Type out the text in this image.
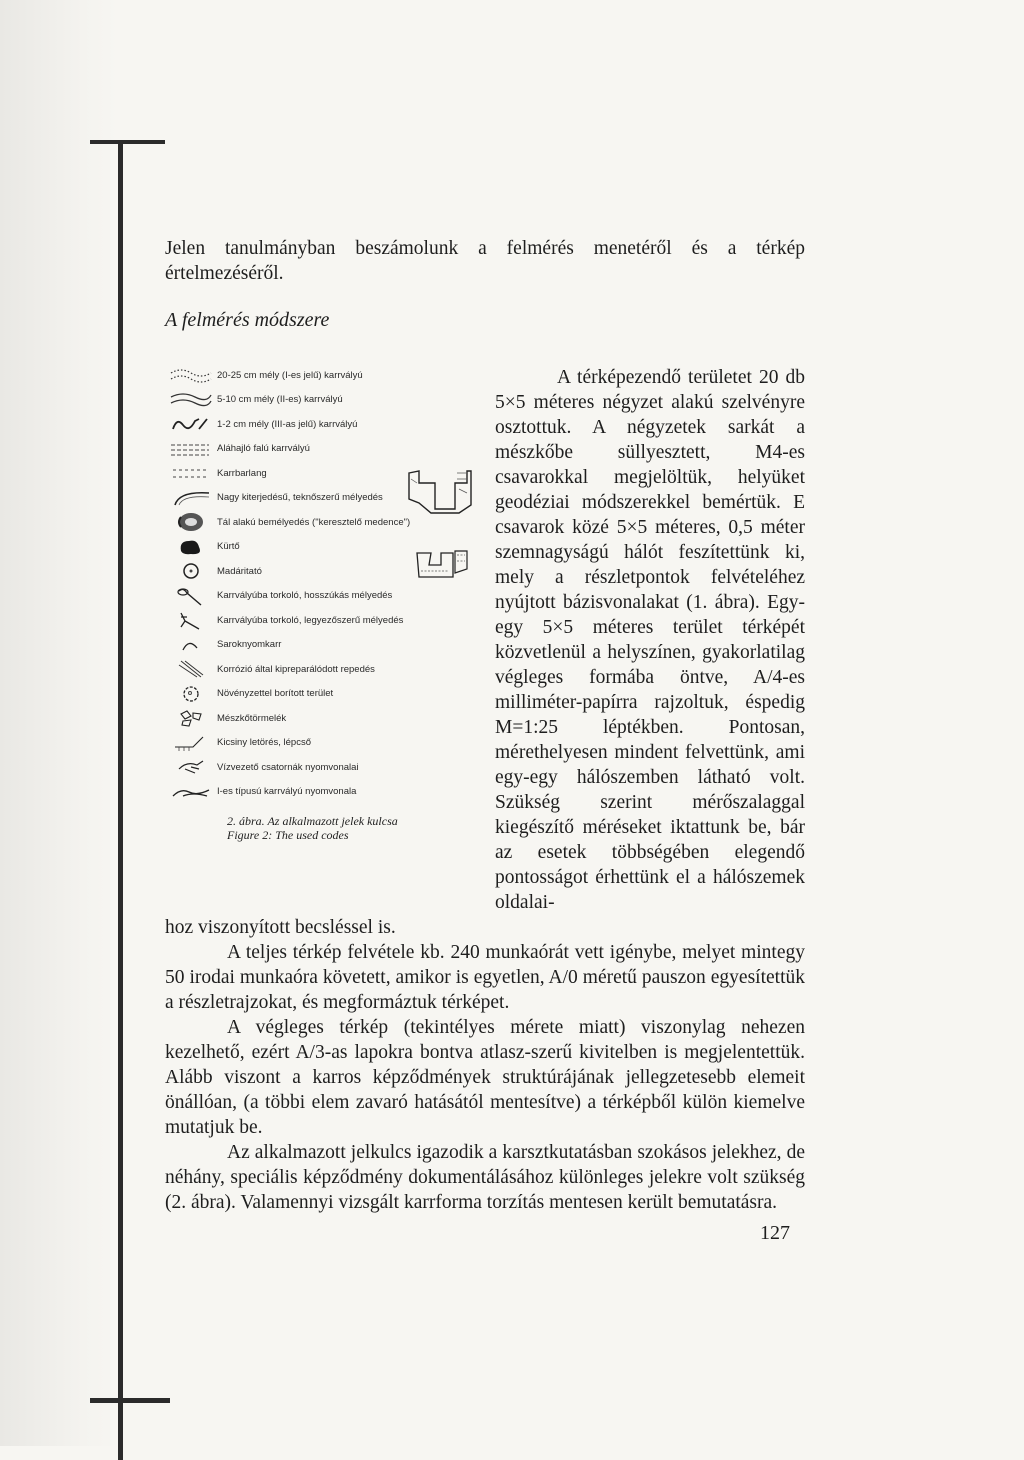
Jelen tanulmányban beszámolunk a felmérés menetéről és a térkép értelmezéséről.

A felmérés módszere
20-25 cm mély (I-es jelű) karrvályú
5-10 cm mély (II-es) karrvályú
1-2 cm mély (III-as jelű) karrvályú
Aláhajló falú karrvályú
Karrbarlang
Nagy kiterjedésű, teknőszerű mélyedés
Tál alakú bemélyedés ("keresztelő medence")
Kürtő
Madáritató
Karrvályúba torkoló, hosszúkás mélyedés
Karrvályúba torkoló, legyezőszerű mélyedés
Saroknyomkarr
Korrózió által kipreparálódott repedés
Növényzettel borított terület
Mészkőtörmelék
Kicsiny letörés, lépcső
Vízvezető csatornák nyomvonalai
I-es típusú karrvályú nyomvonala
2. ábra. Az alkalmazott jelek kulcsa
Figure 2: The used codes

A térképezendő területet 20 db 5×5 méteres négyzet alakú szelvényre osztottuk. A négyzetek sarkát a mészkőbe süllyesztett, M4-es csavarokkal megjelöltük, helyüket geodéziai módszerekkel bemértük. E csavarok közé 5×5 méteres, 0,5 méter szemnagyságú hálót feszítettünk ki, mely a részletpontok felvételéhez nyújtott bázisvonalakat (1. ábra). Egy-egy 5×5 méteres terület térképét közvetlenül a helyszínen, gyakorlatilag végleges formába öntve, A/4-es milliméter-papírra rajzoltuk, éspedig M=1:25 léptékben. Pontosan, mérethelyesen mindent felvettünk, ami egy-egy hálószemben látható volt. Szükség szerint mérőszalaggal kiegészítő méréseket iktattunk be, bár az esetek többségében elegendő pontosságot érhettünk el a hálószemek oldalai-

hoz viszonyított becsléssel is.

A teljes térkép felvétele kb. 240 munkaórát vett igénybe, melyet mintegy 50 irodai munkaóra követett, amikor is egyetlen, A/0 méretű pauszon egyesítettük a részletrajzokat, és megformáztuk térképet.

A végleges térkép (tekintélyes mérete miatt) viszonylag nehezen kezelhető, ezért A/3-as lapokra bontva atlasz-szerű kivitelben is megjelentettük. Alább viszont a karros képződmények struktúrájának jellegzetesebb elemeit önállóan, (a többi elem zavaró hatásától mentesítve) a térképből külön kiemelve mutatjuk be.

Az alkalmazott jelkulcs igazodik a karsztkutatásban szokásos jelekhez, de néhány, speciális képződmény dokumentálásához különleges jelekre volt szükség (2. ábra). Valamennyi vizsgált karrforma torzítás mentesen került bemutatásra.

127
